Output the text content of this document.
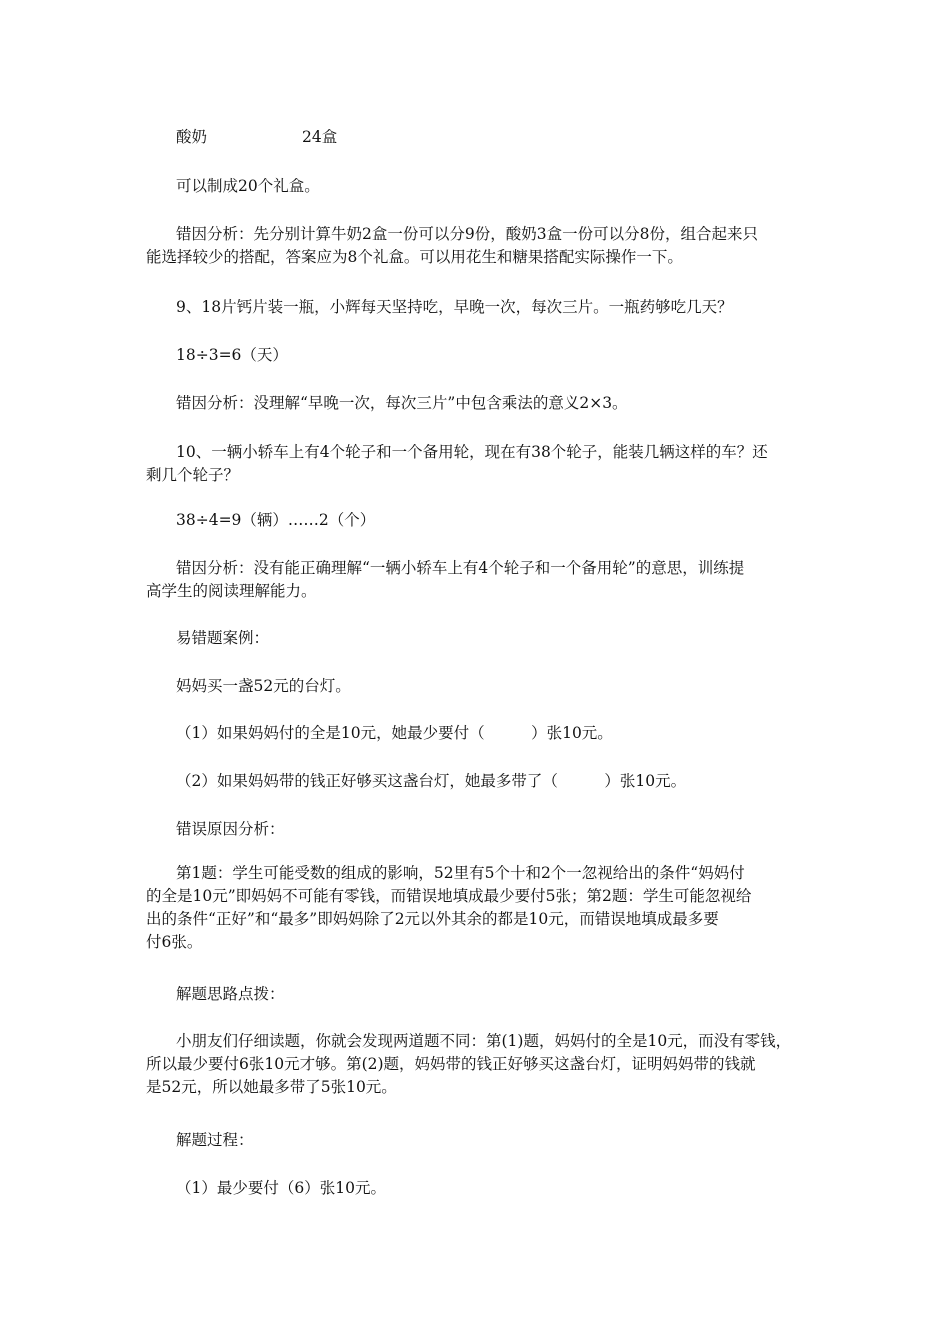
酸奶	24盒
可以制成20个礼盒。
错因分析：先分别计算牛奶2盒一份可以分9份，酸奶3盒一份可以分8份，组合起来只
能选择较少的搭配，答案应为8个礼盒。可以用花生和糖果搭配实际操作一下。
9、18片钙片装一瓶，小辉每天坚持吃，早晚一次，每次三片。一瓶药够吃几天？
18÷3=6（天）
错因分析：没理解“早晚一次，每次三片”中包含乘法的意义2×3。
10、一辆小轿车上有4个轮子和一个备用轮，现在有38个轮子，能装几辆这样的车？还
剩几个轮子？
38÷4=9（辆）……2（个）
错因分析：没有能正确理解“一辆小轿车上有4个轮子和一个备用轮”的意思，训练提
高学生的阅读理解能力。
易错题案例：
妈妈买一盏52元的台灯。
（1）如果妈妈付的全是10元，她最少要付（　　　）张10元。
（2）如果妈妈带的钱正好够买这盏台灯，她最多带了（　　　）张10元。
错误原因分析：
第1题：学生可能受数的组成的影响，52里有5个十和2个一忽视给出的条件“妈妈付
的全是10元”即妈妈不可能有零钱，而错误地填成最少要付5张；第2题：学生可能忽视给
出的条件“正好”和“最多”即妈妈除了2元以外其余的都是10元，而错误地填成最多要
付6张。
解题思路点拨：
小朋友们仔细读题，你就会发现两道题不同：第(1)题，妈妈付的全是10元，而没有零钱，
所以最少要付6张10元才够。第(2)题，妈妈带的钱正好够买这盏台灯，证明妈妈带的钱就
是52元，所以她最多带了5张10元。
解题过程：
（1）最少要付（6）张10元。
